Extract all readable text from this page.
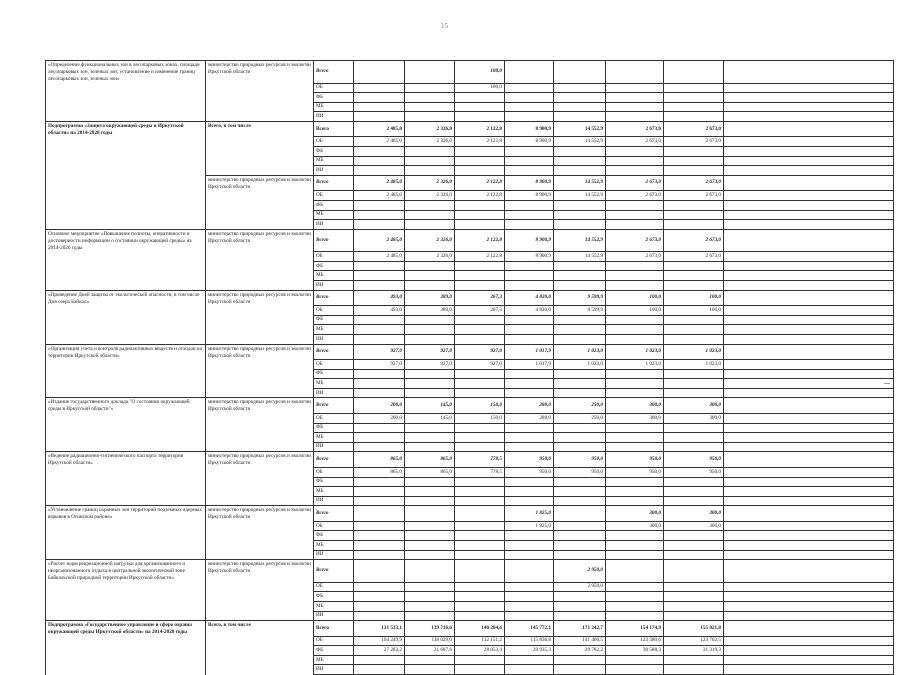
15
«Определение функциональных зон в лесопарковых зонах, площади лесопарковых зон, зеленых зон, установление и изменение границ лесопарковых зон, зеленых зон»	министерство природных ресурсов и экологии Иркутской области	Всего			100,0					
		ОБ			100,0					
		ФБ								
		МБ								
		ИИ								
Подпрограмма «Защита окружающей среды в Иркутской области» на 2014-2020 годы	Всего, в том числе	Всего	2 485,0	2 326,0	2 122,8	8 900,9	14 552,9	2 673,0	2 673,0	
		ОБ	2 485,0	2 326,0	2 122,8	8 900,9	14 552,9	2 673,0	2 673,0	
		ФБ								
		МБ								
		ИИ								
	министерство природных ресурсов и экологии Иркутской области	Всего	2 485,0	2 326,0	2 122,8	8 900,9	14 552,9	2 673,0	2 673,0	
		ОБ	2 485,0	2 326,0	2 122,8	8 900,9	14 552,9	2 673,0	2 673,0	
		ФБ								
		МБ								
		ИИ								
Основное мероприятие «Повышение полноты, оперативности и достоверности информации о состоянии окружающей среды» на 2014-2020 годы	министерство природных ресурсов и экологии Иркутской области	Всего	2 485,0	2 326,0	2 122,8	8 900,9	14 552,9	2 673,0	2 673,0	
		ОБ	2 485,0	2 326,0	2 122,8	8 900,9	14 552,9	2 673,0	2 673,0	
		ФБ								
		МБ								
		ИИ								
«Проведение Дней защиты от экологической опасности, в том числе Дня озера Байкал»	министерство природных ресурсов и экологии Иркутской области	Всего	493,0	389,0	267,3	4 820,0	9 599,9	100,0	100,0	
		ОБ	493,0	389,0	267,3	4 820,0	9 599,9	100,0	100,0	
		ФБ								
		МБ								
		ИИ								
«Организация учета и контроля радиоактивных веществ и отходов на территории Иркутской области»	министерство природных ресурсов и экологии Иркутской области	Всего	927,0	927,0	927,0	1 017,9	1 023,0	1 023,0	1 023,0	
		ОБ	927,0	927,0	927,0	1 017,9	1 023,0	1 023,0	1 023,0	
		ФБ								
		МБ								
		ИИ								
«Издание государственного доклада "О состоянии окружающей среды в Иркутской области"»	министерство природных ресурсов и экологии Иркутской области	Всего	200,0	145,0	150,0	288,0	250,0	300,0	300,0	
		ОБ	200,0	145,0	150,0	288,0	250,0	300,0	300,0	
		ФБ								
		МБ								
		ИИ								
«Ведение радиационно-гигиенического паспорта территории Иркутской области»	министерство природных ресурсов и экологии Иркутской области	Всего	865,0	865,0	778,5	950,0	950,0	950,0	950,0	
		ОБ	865,0	865,0	778,5	950,0	950,0	950,0	950,0	
		ФБ								
		МБ								
		ИИ								
«Установление границ охранных зон территорий подземных ядерных взрывов в Осинском районе»	министерство природных ресурсов и экологии Иркутской области	Всего				1 825,0		300,0	300,0	
		ОБ				1 825,0		300,0	300,0	
		ФБ								
		МБ								
		ИИ								
«Расчет норм рекреационной нагрузки для организованного и неорганизованного отдыха в центральной экологической зоне Байкальской природной территории Иркутской области»	министерство природных ресурсов и экологии Иркутской области	Всего					2 950,0			
		ОБ					2 950,0			
		ФБ								
		МБ								
		ИИ								
Подпрограмма «Государственное управление в сфере охраны окружающей среды Иркутской области» на 2014-2020 годы	Всего, в том числе	Всего	131 533,1	139 716,6	140 204,6	145 772,1	171 242,7	154 174,9	155 021,8	
		ОБ	104 249,9	118 029,0	112 151,2	115 836,8	141 460,5	123 580,6	123 702,5	
		ФБ	27 283,2	21 687,6	28 053,4	29 935,3	29 782,2	30 588,3	31 319,3	
		МБ								
		ИИ								
